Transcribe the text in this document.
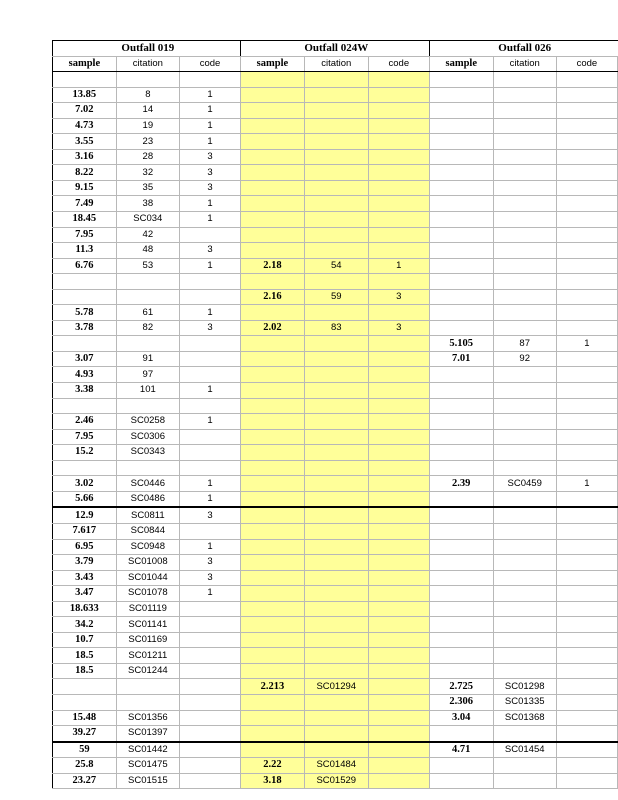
	Outfall 019			Outfall 024W			Outfall 026	
sample	citation	code	sample	citation	code	sample	citation	code

13.85	8	1						
7.02	14	1						
4.73	19	1						
3.55	23	1						
3.16	28	3						
8.22	32	3						
9.15	35	3						
7.49	38	1						
18.45	SC034	1						
7.95	42							
11.3	48	3						
6.76	53	1	2.18	54	1			

			2.16	59	3			
5.78	61	1						
3.78	82	3	2.02	83	3			
						5.105	87	1
3.07	91					7.01	92	
4.93	97							
3.38	101	1						

2.46	SC0258	1						
7.95	SC0306							
15.2	SC0343							

3.02	SC0446	1				2.39	SC0459	1
5.66	SC0486	1						
12.9	SC0811	3						
7.617	SC0844							
6.95	SC0948	1						
3.79	SC01008	3						
3.43	SC01044	3						
3.47	SC01078	1						
18.633	SC01119							
34.2	SC01141							
10.7	SC01169							
18.5	SC01211							
18.5	SC01244							
			2.213	SC01294		2.725	SC01298	
						2.306	SC01335	
15.48	SC01356					3.04	SC01368	
39.27	SC01397							
59	SC01442					4.71	SC01454	
25.8	SC01475		2.22	SC01484				
23.27	SC01515		3.18	SC01529				
